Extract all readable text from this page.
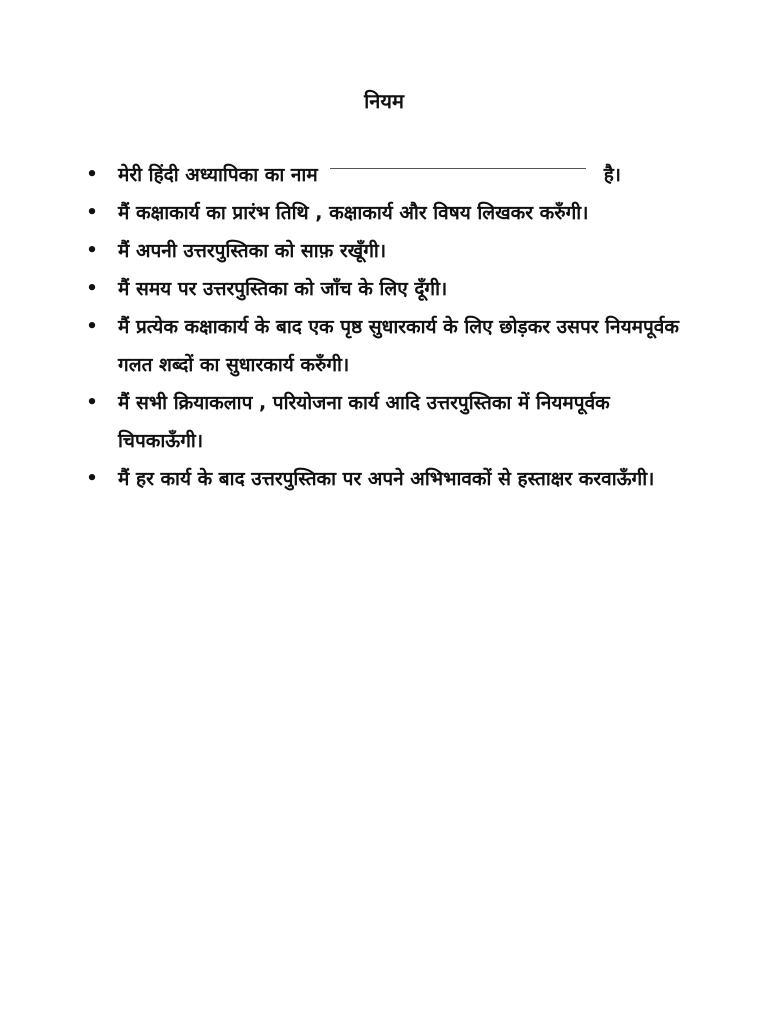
नियम
• मेरी हिंदी अध्यापिका का नाम	है।
• मैं कक्षाकार्य का प्रारंभ तिथि , कक्षाकार्य और विषय लिखकर करुँगी।
• मैं अपनी उत्तरपुस्तिका को साफ़ रखूँगी।
• मैं समय पर उत्तरपुस्तिका को जाँच के लिए दूँगी।
• मैं प्रत्येक कक्षाकार्य के बाद एक पृष्ठ सुधारकार्य के लिए छोड़कर उसपर नियमपूर्वक गलत शब्दों का सुधारकार्य करुँगी।
• मैं सभी क्रियाकलाप , परियोजना कार्य आदि उत्तरपुस्तिका में नियमपूर्वक चिपकाऊँगी।
• मैं हर कार्य के बाद उत्तरपुस्तिका पर अपने अभिभावकों से हस्ताक्षर करवाऊँगी।
